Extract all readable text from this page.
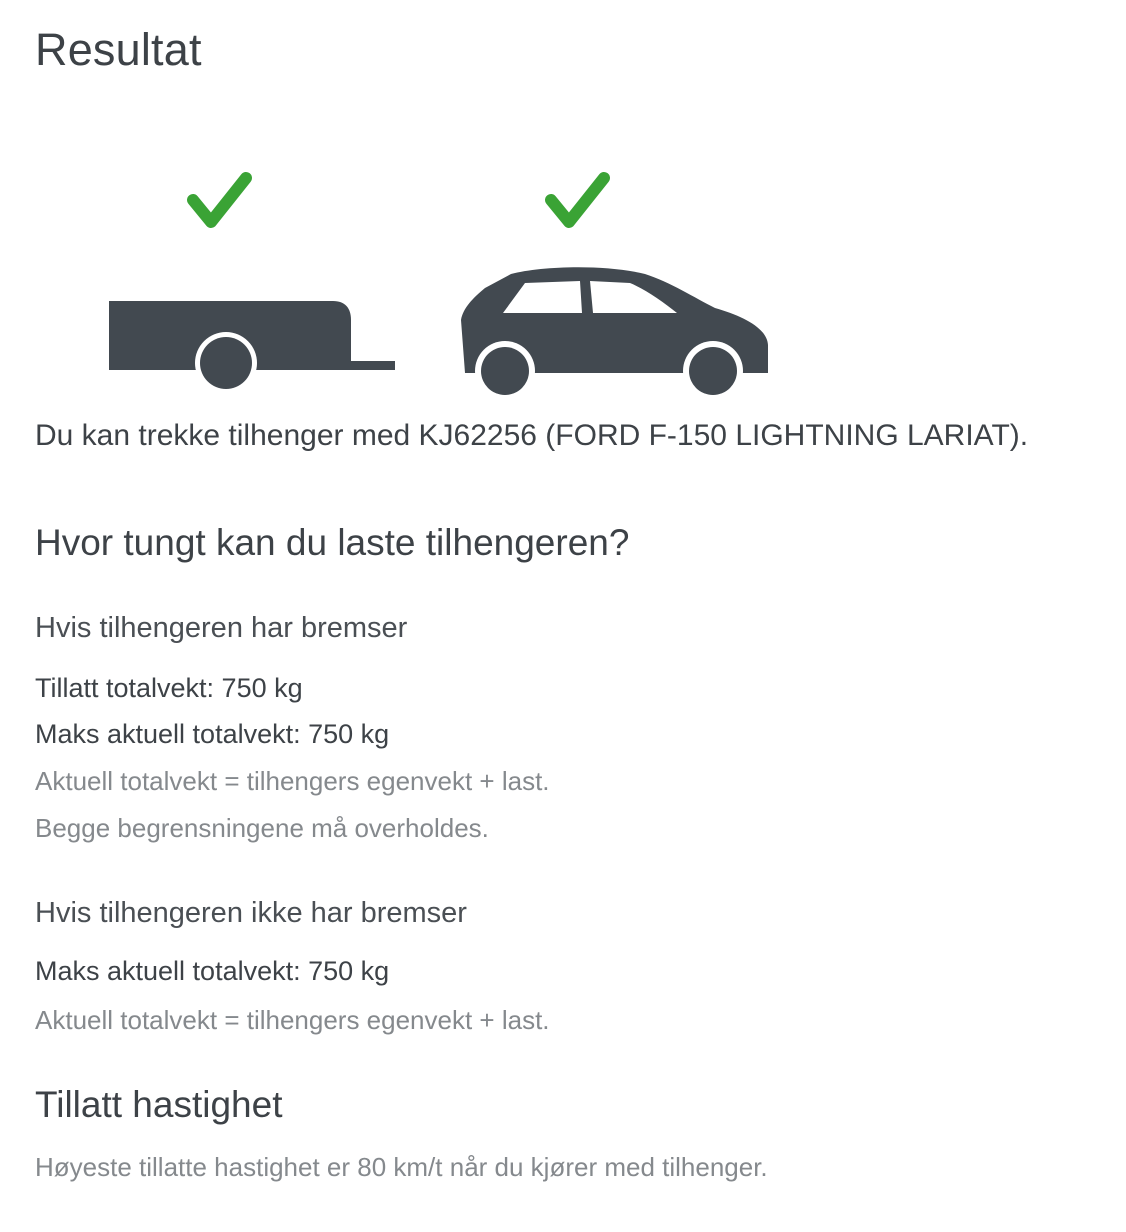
Resultat

Du kan trekke tilhenger med KJ62256 (FORD F-150 LIGHTNING LARIAT).

Hvor tungt kan du laste tilhengeren?
Hvis tilhengeren har bremser

Tillatt totalvekt: 750 kg

Maks aktuell totalvekt: 750 kg

Aktuell totalvekt = tilhengers egenvekt + last.

Begge begrensningene må overholdes.

Hvis tilhengeren ikke har bremser

Maks aktuell totalvekt: 750 kg

Aktuell totalvekt = tilhengers egenvekt + last.

Tillatt hastighet

Høyeste tillatte hastighet er 80 km/t når du kjører med tilhenger.
